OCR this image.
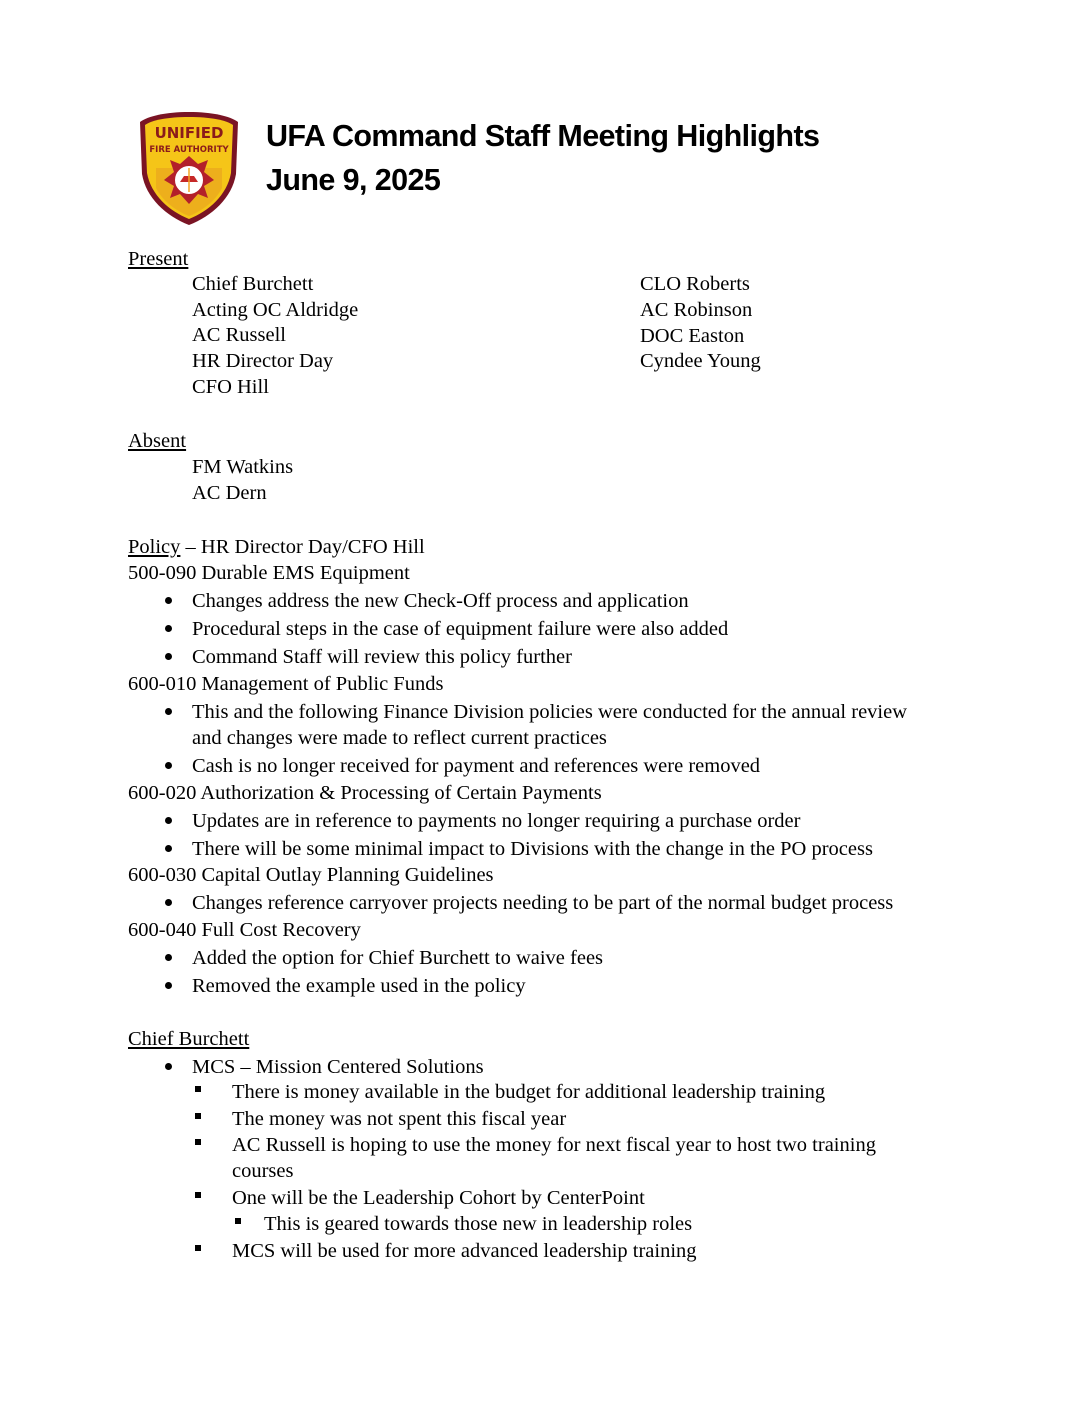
UNIFIED
FIRE AUTHORITY UFA Command Staff Meeting Highlights
June 9, 2025
Present
Chief Burchett
Acting OC Aldridge
AC Russell
HR Director Day
CFO Hill
CLO Roberts
AC Robinson
DOC Easton
Cyndee Young
Absent
FM Watkins
AC Dern
Policy – HR Director Day/CFO Hill
500-090 Durable EMS Equipment
Changes address the new Check-Off process and application
Procedural steps in the case of equipment failure were also added
Command Staff will review this policy further
600-010 Management of Public Funds
This and the following Finance Division policies were conducted for the annual review
and changes were made to reflect current practices
Cash is no longer received for payment and references were removed
600-020 Authorization & Processing of Certain Payments
Updates are in reference to payments no longer requiring a purchase order
There will be some minimal impact to Divisions with the change in the PO process
600-030 Capital Outlay Planning Guidelines
Changes reference carryover projects needing to be part of the normal budget process
600-040 Full Cost Recovery
Added the option for Chief Burchett to waive fees
Removed the example used in the policy
Chief Burchett
MCS – Mission Centered Solutions
There is money available in the budget for additional leadership training
The money was not spent this fiscal year
AC Russell is hoping to use the money for next fiscal year to host two training
courses
One will be the Leadership Cohort by CenterPoint
This is geared towards those new in leadership roles
MCS will be used for more advanced leadership training
